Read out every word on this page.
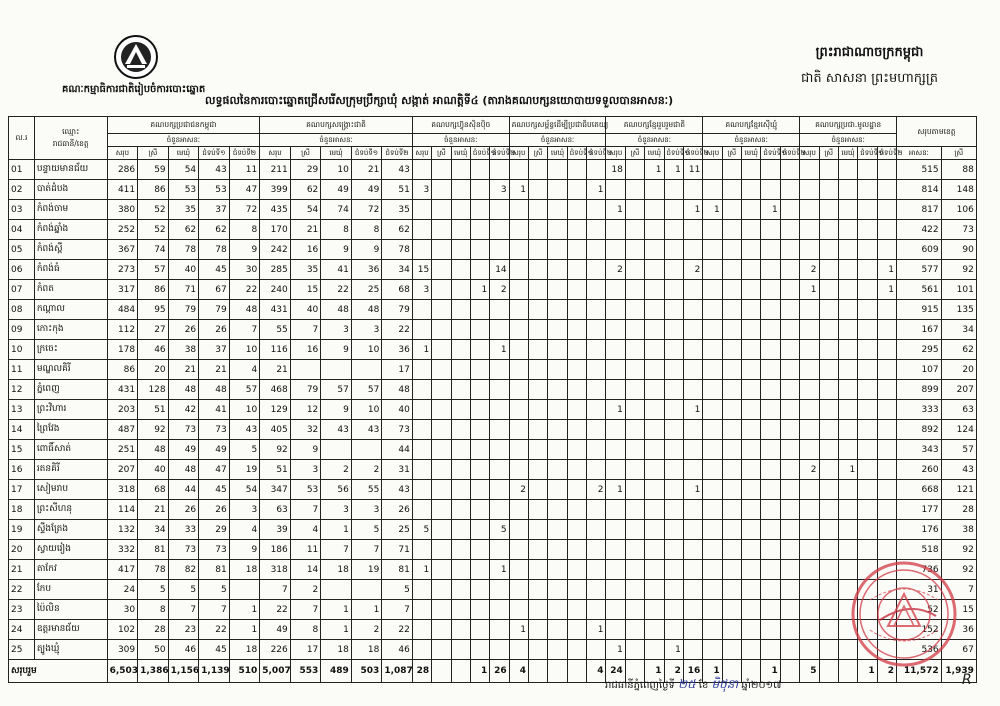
ព្រះរាជាណាចក្រកម្ពុជា
ជាតិ សាសនា ព្រះមហាក្សត្រ
គណៈកម្មាធិការជាតិរៀបចំការបោះឆ្នោត
លទ្ធផលនៃការបោះឆ្នោតជ្រើសរើសក្រុមប្រឹក្សាឃុំ សង្កាត់ អាណត្តិទី៤ (តារាងគណបក្សនយោបាយទទួលបានអាសនៈ)
ល.រ	ឈ្មោះ
រាជធានី/ខេត្ត	គណបក្សប្រជាជនកម្ពុជា					គណបក្សសង្គ្រោះជាតិ					គណបក្សហ៊្វុនស៊ិនប៉ិច					គណបក្សសម្ព័ន្ធដើម្បីប្រជាធិបតេយ្យ					គណបក្សខ្មែររួបរួមជាតិ					គណបក្សខ្មែរស៊ើឃ្មុំ					គណបក្សប្រជា.មូលដ្ឋាន					សរុបតាមខេត្ត	
		ចំនួនអាសនៈ					ចំនួនអាសនៈ					ចំនួនអាសនៈ					ចំនួនអាសនៈ					ចំនួនអាសនៈ					ចំនួនអាសនៈ					ចំនួនអាសនៈ						
		សរុប	ស្រី	មេឃុំ	ជំទប់ទី១	ជំទប់ទី២	សរុប	ស្រី	មេឃុំ	ជំទប់ទី១	ជំទប់ទី២	សរុប	ស្រី	មេឃុំ	ជំទប់ទី១	ជំទប់ទី២	សរុប	ស្រី	មេឃុំ	ជំទប់ទី១	ជំទប់ទី២	សរុប	ស្រី	មេឃុំ	ជំទប់ទី១	ជំទប់ទី២	សរុប	ស្រី	មេឃុំ	ជំទប់ទី១	ជំទប់ទី២	សរុប	ស្រី	មេឃុំ	ជំទប់ទី១	ជំទប់ទី២	អាសនៈ	ស្រី
01	បន្ទាយមានជ័យ	286	59	54	43	11	211	29	10	21	43											18		1	1	11											515	88
02	បាត់ដំបង	411	86	53	53	47	399	62	49	49	51	3				3	1				1																814	148
03	កំពង់ចាម	380	52	35	37	72	435	54	74	72	35											1				1	1			1							817	106
04	កំពង់ឆ្នាំង	252	52	62	62	8	170	21	8	8	62																										422	73
05	កំពង់ស្ពឺ	367	74	78	78	9	242	16	9	9	78																										609	90
06	កំពង់ធំ	273	57	40	45	30	285	35	41	36	34	15				14						2				2						2				1	577	92
07	កំពត	317	86	71	67	22	240	15	22	25	68	3			1	2																1				1	561	101
08	កណ្ដាល	484	95	79	79	48	431	40	48	48	79																										915	135
09	កោះកុង	112	27	26	26	7	55	7	3	3	22																										167	34
10	ក្រចេះ	178	46	38	37	10	116	16	9	10	36	1				1																					295	62
11	មណ្ឌលគិរី	86	20	21	21	4	21				17																										107	20
12	ភ្នំពេញ	431	128	48	48	57	468	79	57	57	48																										899	207
13	ព្រះវិហារ	203	51	42	41	10	129	12	9	10	40											1				1											333	63
14	ព្រៃវែង	487	92	73	73	43	405	32	43	43	73																										892	124
15	ពោធិ៍សាត់	251	48	49	49	5	92	9			44																										343	57
16	រតនគិរី	207	40	48	47	19	51	3	2	2	31																					2		1			260	43
17	សៀមរាប	318	68	44	45	54	347	53	56	55	43						2				2	1				1											668	121
18	ព្រះសីហនុ	114	21	26	26	3	63	7	3	3	26																										177	28
19	ស្ទឹងត្រែង	132	34	33	29	4	39	4	1	5	25	5				5																					176	38
20	ស្វាយរៀង	332	81	73	73	9	186	11	7	7	71																										518	92
21	តាកែវ	417	78	82	81	18	318	14	18	19	81	1				1																					736	92
22	កែប	24	5	5	5		7	2			5																										31	7
23	ប៉ៃលិន	30	8	7	7	1	22	7	1	1	7																										52	15
24	ឧត្ដរមានជ័យ	102	28	23	22	1	49	8	1	2	22						1				1																152	36
25	ត្បូងឃ្មុំ	309	50	46	45	18	226	17	18	18	46											1			1												536	67
សរុបរួម		6,503	1,386	1,156	1,139	510	5,007	553	489	503	1,087	28			1	26	4				4	24		1	2	16	1			1		5			1	2	11,572	1,939
រាជធានីភ្នំពេញថ្ងៃទី ២៥ ខែ មិថុនា ឆ្នាំ២០១៧	R
